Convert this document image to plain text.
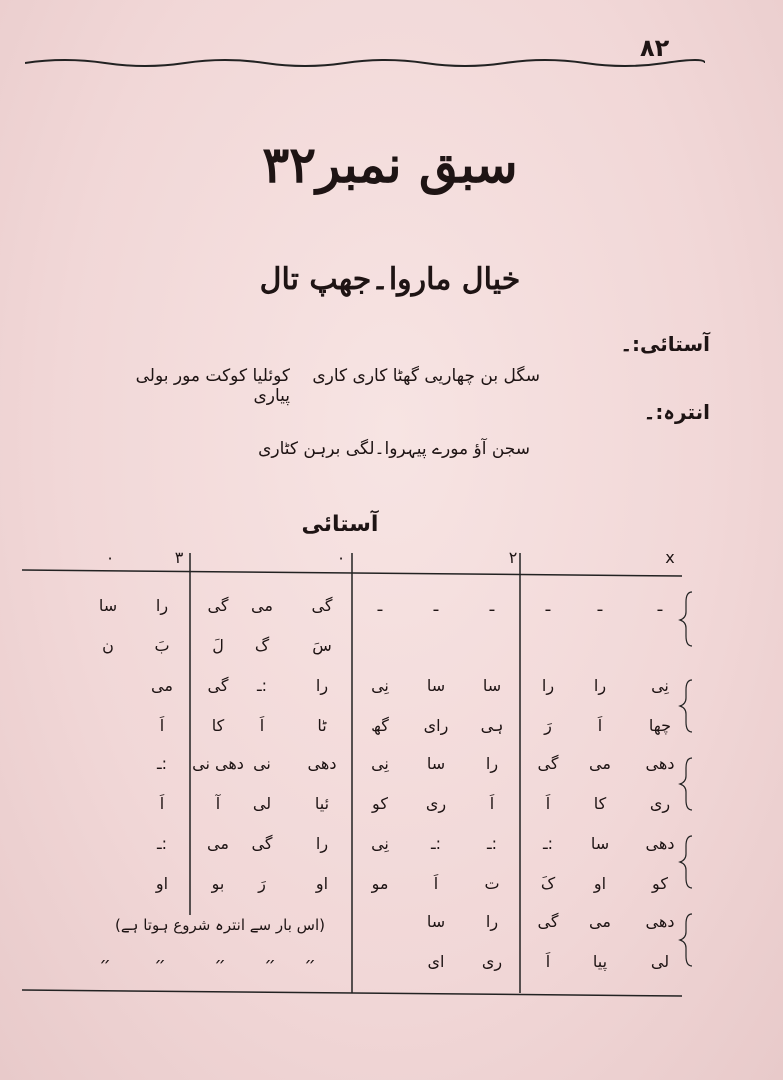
۸۲
سبق نمبر۳۲
خیال ماروا۔جھپ تال
آستائی:۔
سگل بن چھاریی گھٹا کاری کاری
کوئلیا کوکت مور بولی پیاری
انترہ:۔
سجن آؤ مورے پیہروا۔لگی برہن کٹاری
آستائی
x
۲
۰
۳
۰
ـ
ـ
ـ
ـ
ـ
ـ
گی
می
گی
را
سا
سَ
گ
لَ
بَ
ن
نِی
را
را
سا
سا
نِی
را
:ـ
گی
می
چھا
اَ
رَ
ہی
رای
گھ
ٹا
اَ
کا
اَ
دھی
می
گی
را
سا
نِی
دھی
نی
دھی نی
:ـ
ری
کا
اَ
اَ
ری
کو
ئیا
لی
آ
اَ
دھی
سا
:ـ
:ـ
:ـ
نِی
را
گی
می
:ـ
کو
او
کَ
ت
اَ
مو
او
رَ
بو
او
دھی
می
گی
را
سا
لی
پیا
اَ
ری
ای
(اس بار سے انترہ شروع ہوتا ہے)
״ ״	״ ״ ״
